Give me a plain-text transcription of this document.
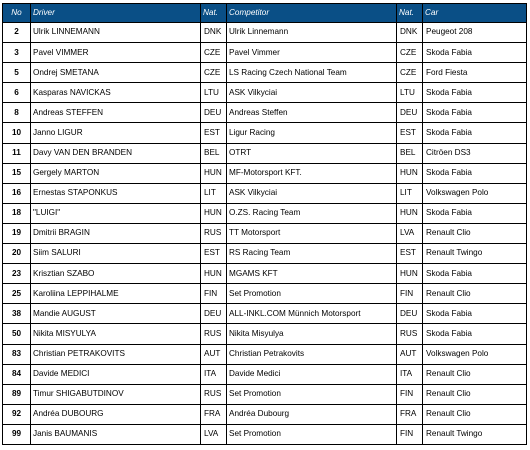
No	Driver	Nat.	Competitor	Nat.	Car
2	Ulrik LINNEMANN	DNK	Ulrik Linnemann	DNK	Peugeot 208
3	Pavel VIMMER	CZE	Pavel Vimmer	CZE	Skoda Fabia
5	Ondrej SMETANA	CZE	LS Racing Czech National Team	CZE	Ford Fiesta
6	Kasparas NAVICKAS	LTU	ASK Vilkyciai	LTU	Skoda Fabia
8	Andreas STEFFEN	DEU	Andreas Steffen	DEU	Skoda Fabia
10	Janno LIGUR	EST	Ligur Racing	EST	Skoda Fabia
11	Davy VAN DEN BRANDEN	BEL	OTRT	BEL	Citröen DS3
15	Gergely MARTON	HUN	MF-Motorsport KFT.	HUN	Skoda Fabia
16	Ernestas STAPONKUS	LIT	ASK Vilkyciai	LIT	Volkswagen Polo
18	"LUIGI"	HUN	O.ZS. Racing Team	HUN	Skoda Fabia
19	Dmitrii BRAGIN	RUS	TT Motorsport	LVA	Renault Clio
20	Siim SALURI	EST	RS Racing Team	EST	Renault Twingo
23	Krisztian SZABO	HUN	MGAMS KFT	HUN	Skoda Fabia
25	Karoliina LEPPIHALME	FIN	Set Promotion	FIN	Renault Clio
38	Mandie AUGUST	DEU	ALL-INKL.COM Münnich Motorsport	DEU	Skoda Fabia
50	Nikita MISYULYA	RUS	Nikita Misyulya	RUS	Skoda Fabia
83	Christian PETRAKOVITS	AUT	Christian Petrakovits	AUT	Volkswagen Polo
84	Davide MEDICI	ITA	Davide Medici	ITA	Renault Clio
89	Timur SHIGABUTDINOV	RUS	Set Promotion	FIN	Renault Clio
92	Andréa DUBOURG	FRA	Andréa Dubourg	FRA	Renault Clio
99	Janis BAUMANIS	LVA	Set Promotion	FIN	Renault Twingo
